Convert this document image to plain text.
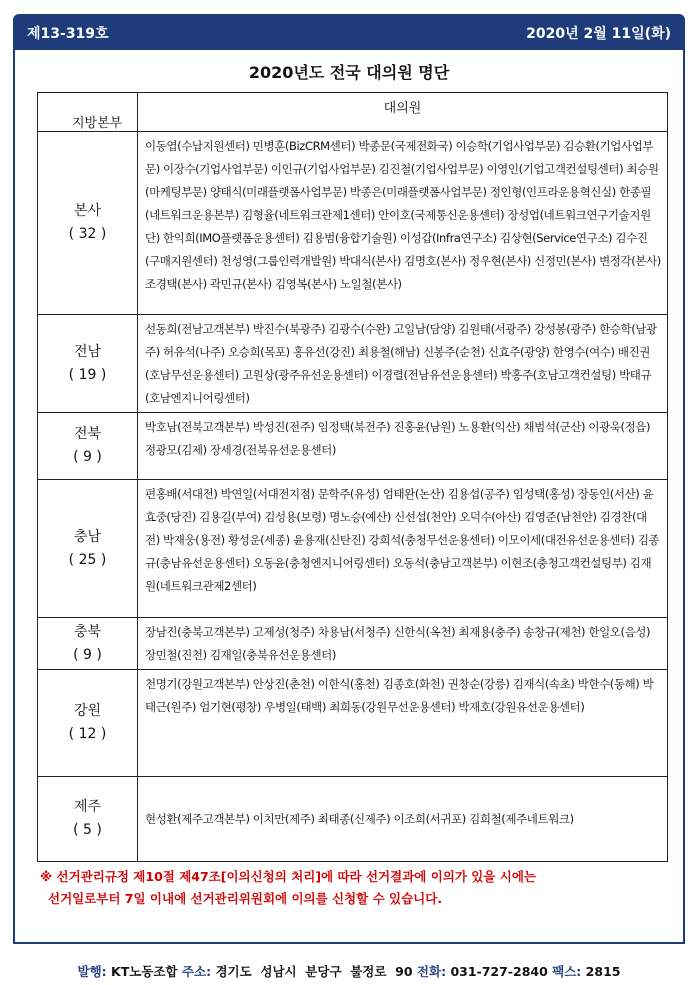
제13-319호	2020년 2월 11일(화)
2020년도 전국 대의원 명단
지방본부	대의원

본사
( 32 )	이동엽(수납지원센터) 민병훈(BizCRM센터) 박종문(국제전화국) 이승학(기업사업부문) 김승환(기업사업부문) 이장수(기업사업부문) 이인규(기업사업부문) 김진철(기업사업부문) 이영인(기업고객컨설팅센터) 최승원(마케팅부문) 양태식(미래플랫폼사업부문) 박종은(미래플랫폼사업부문) 정인형(인프라운용혁신실) 한종필(네트워크운용본부) 김형율(네트워크관제1센터) 안이호(국제통신운용센터) 장성업(네트워크연구기술지원단) 한익희(IMO플랫폼운용센터) 김용범(융합기술원) 이성갑(Infra연구소) 김상현(Service연구소) 김수진(구매지원센터) 천성영(그룹인력개발원) 박대식(본사) 김명호(본사) 정우현(본사) 신정민(본사) 변정각(본사) 조경택(본사) 곽민규(본사) 김영복(본사) 노일철(본사)

전남
( 19 )	선동희(전남고객본부) 박진수(북광주) 김광수(수완) 고일남(담양) 김원태(서광주) 강성봉(광주) 한승학(남광주) 허유석(나주) 오승희(목포) 홍유선(강진) 최용철(해남) 신봉주(순천) 신효주(광양) 한영수(여수) 배진권(호남무선운용센터) 고원상(광주유선운용센터) 이경렬(전남유선운용센터) 박홍주(호남고객컨설팅) 박태규(호남엔지니어링센터)

전북
( 9 )	박호남(전북고객본부) 박성진(전주) 임정택(북전주) 진홍윤(남원) 노용환(익산) 채범석(군산) 이광욱(정읍) 정광모(김제) 장세경(전북유선운용센터)

충남
( 25 )	편홍배(서대전) 박연일(서대전지점) 문학주(유성) 엄태완(논산) 김용섭(공주) 임성택(홍성) 장동인(서산) 윤효중(당진) 김용길(부여) 김성용(보령) 명노승(예산) 신선섭(천안) 오덕수(아산) 김영준(남천안) 김경찬(대전) 박재웅(용전) 황성운(세종) 윤용재(신탄진) 강희석(충청무선운용센터) 이모이세(대전유선운용센터) 김종규(충남유선운용센터) 오동윤(충청엔지니어링센터) 오동석(충남고객본부) 이현조(충청고객컨설팅부) 김재원(네트워크관제2센터)

충북
( 9 )	장남진(충북고객본부) 고제성(청주) 차용남(서청주) 신한식(옥천) 최재용(충주) 송창규(제천) 한일오(음성) 장민철(진천) 김재일(충북유선운용센터)

강원
( 12 )	천명기(강원고객본부) 안상진(춘천) 이한식(홍천) 김종호(화천) 권창순(강릉) 김재식(속초) 박한수(동해) 박태근(원주) 엄기현(평창) 우병일(태백) 최희동(강원무선운용센터) 박재호(강원유선운용센터)

제주
( 5 )	현성환(제주고객본부) 이치만(제주) 최태종(신제주) 이조희(서귀포) 김희철(제주네트워크)

※ 선거관리규정 제10절 제47조[이의신청의 처리]에 따라 선거결과에 이의가 있을 시에는

선거일로부터 7일 이내에 선거관리위원회에 이의를 신청할 수 있습니다.

발행: KT노동조합 주소: 경기도  성남시  분당구  불정로  90 전화: 031-727-2840 팩스: 2815
